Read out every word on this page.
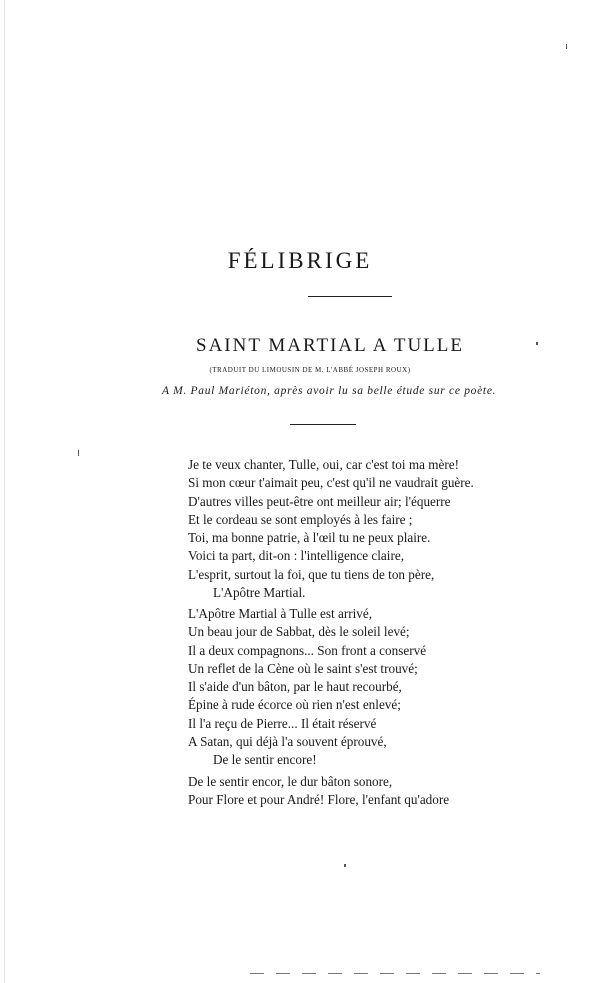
FÉLIBRIGE
SAINT MARTIAL A TULLE
(TRADUIT DU LIMOUSIN DE M. L'ABBÉ JOSEPH ROUX)
A M. Paul Mariéton, après avoir lu sa belle étude sur ce poète.
Je te veux chanter, Tulle, oui, car c'est toi ma mère!
Si mon cœur t'aimait peu, c'est qu'il ne vaudrait guère.
D'autres villes peut-être ont meilleur air; l'équerre
Et le cordeau se sont employés à les faire ;
Toi, ma bonne patrie, à l'œil tu ne peux plaire.
Voici ta part, dit-on : l'intelligence claire,
L'esprit, surtout la foi, que tu tiens de ton père,
L'Apôtre Martial.
L'Apôtre Martial à Tulle est arrivé,
Un beau jour de Sabbat, dès le soleil levé;
Il a deux compagnons... Son front a conservé
Un reflet de la Cène où le saint s'est trouvé;
Il s'aide d'un bâton, par le haut recourbé,
Épine à rude écorce où rien n'est enlevé;
Il l'a reçu de Pierre... Il était réservé
A Satan, qui déjà l'a souvent éprouvé,
De le sentir encore!
De le sentir encor, le dur bâton sonore,
Pour Flore et pour André! Flore, l'enfant qu'adore
